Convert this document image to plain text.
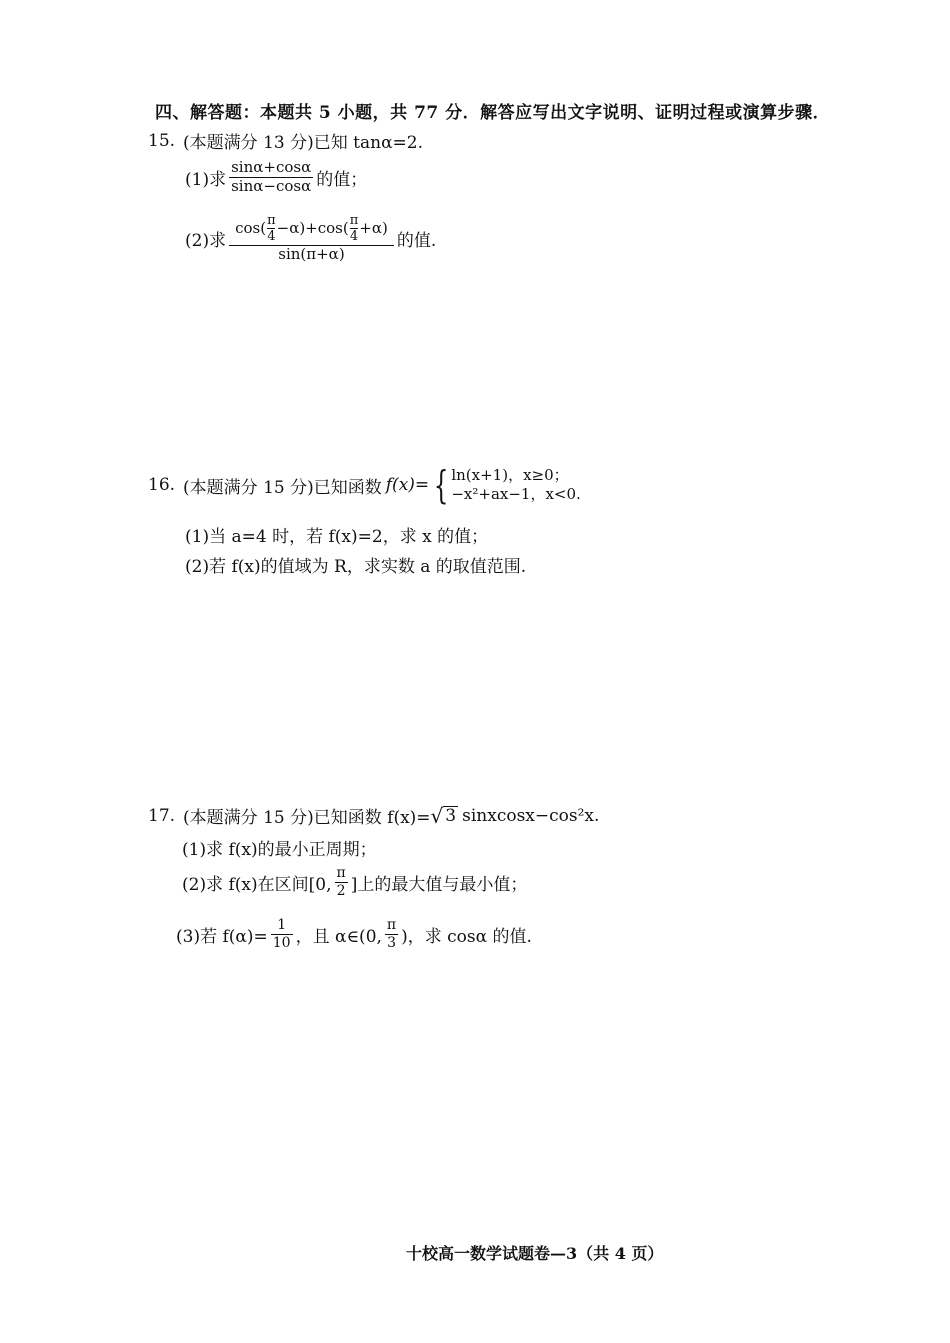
四、解答题：本题共 5 小题，共 77 分．解答应写出文字说明、证明过程或演算步骤．
15. (本题满分 13 分)已知 tanα=2.
(1)求 $\frac{\sin\alpha+\cos\alpha}{\sin\alpha-\cos\alpha}$ 的值；
(2)求
$\cos( \frac{\pi}{4} -\alpha)+\cos( \frac{\pi}{4} +\alpha)$
sin(π+α)
的值.
16. (本题满分 15 分)已知函数 f(x)= { ln(x+1)，x≥0；
−x²+ax−1，x<0.
(1)当 a=4 时，若 f(x)=2，求 x 的值；
(2)若 f(x)的值域为 R，求实数 a 的取值范围.
17. (本题满分 15 分)已知函数 f(x)= √ 3 sinxcosx−cos²x.
(1)求 f(x)的最小正周期；
(2)求 f(x)在区间[0, $\frac{\pi}{2}$ ]上的最大值与最小值；
(3)若 $f(\alpha)= \frac{1}{10}$ ，且 α∈(0, $\frac{\pi}{3}$ )，求 cosα 的值.
十校高一数学试题卷—3（共 4 页）
